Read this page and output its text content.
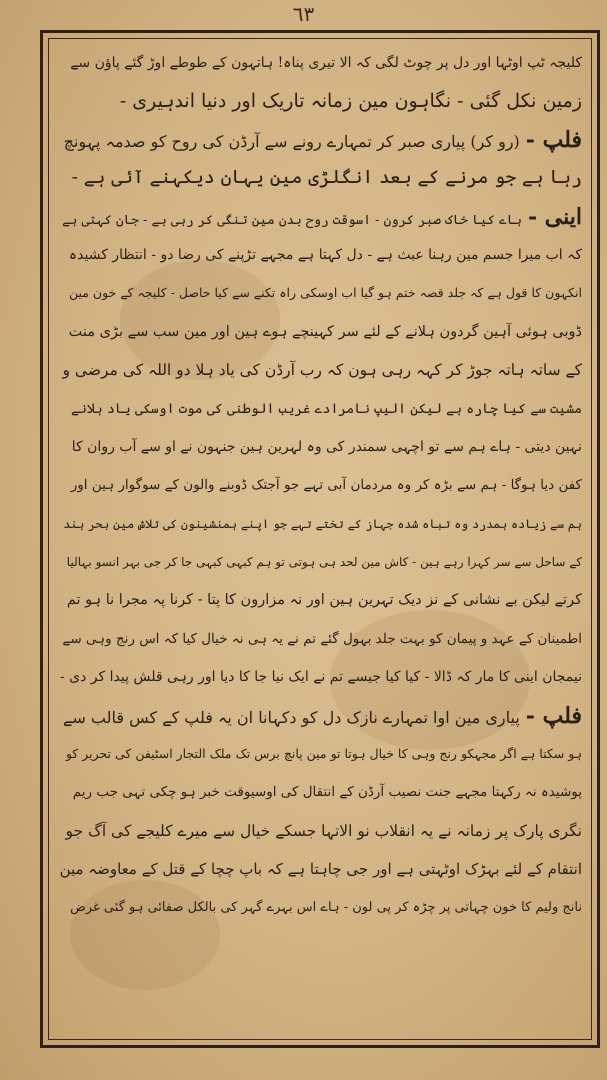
٦٣
کلیجہ ٹپ اوٹہا اور دل پر چوٹ لگی کہ الا تیری پناہ! ہاتہون کے طوطے اوڑ گئے پاؤن سے
زمین نکل گئی - نگاہون مین زمانہ تاریک اور دنیا اندہیری -
فلپ -(رو کر) پیاری صبر کر تمہارے رونے سے آرڈن کی روح کو صدمہ پہونچ
رہا ہے جو مرنے کے بعد انگلڑی مین یہان دیکہنے آئی ہے -
اینی -ہاے کیا خاک صبر کرون - اسوقت روح بدن مین تنگی کر رہی ہے - جان کہتی ہے
کہ اب میرا جسم مین رہنا عبث ہے - دل کہتا ہے مجہے تڑپنے کی رضا دو - انتظار کشیدہ
انکہون کا قول ہے کہ جلد قصہ ختم ہو گیا اب اوسکی راہ تکنے سے کیا حاصل - کلیجہ کے خون مین
ڈوبی ہوئی آہین گردون ہلانے کے لئے سر کہینچے ہوے ہین اور مین سب سے بڑی منت
کے ساتہ ہاتہ جوڑ کر کہہ رہی ہون کہ رب آرڈن کی یاد ہلا دو اللہ کی مرضی و
مشیت سے کیا چارہ ہے لیکن الیپ نامرادے غریب الوطنی کی موت اوسکی یاد ہلانے
نہین دیتی - ہاے ہم سے تو اچہی سمندر کی وہ لہرین ہین جنہون نے او سے آب روان کا
کفن دیا ہوگا - ہم سے بڑہ کر وہ مردمان آبی تہے جو آجتک ڈوبنے والون کے سوگوار ہین اور
ہم سے زیادہ ہمدرد وہ تباہ شدہ جہاز کے تختے تہے جو اپنے ہمنشینون کی تلاش مین بحر ہند
کے ساحل سے سر کہرا رہے ہین - کاش مین لحد ہی ہوتی تو ہم کبہی کبہی جا کر جی بہر انسو بہالیا
کرتے لیکن بے نشانی کے نز دیک تہرین ہین اور نہ مزارون کا پتا - کرنا پہ مجرا نا ہو تم
اطمینان کے عہد و پیمان کو بہت جلد بہول گئے تم نے یہ ہی نہ خیال کیا کہ اس رنج وہی سے
نیمجان اینی کا مار کہ ڈالا - کیا کیا جیسے تم نے ایک نیا جا کا دیا اور رہی قلش پیدا کر دی -
فلپ -پیاری مین اوا تمہارے نازک دل کو دکہانا ان یہ فلپ کے کس قالب سے
ہو سکتا ہے اگر مجہکو رنج وہی کا خیال ہوتا تو مین پانچ برس تک ملک التجار اسٹیفن کی تحریر کو
پوشیدہ نہ رکہتا مجہے جنت نصیب آرڈن کے انتقال کی اوسیوقت خبر ہو چکی تہی جب ریم
نگری پارک پر زمانہ نے یہ انقلاب نو الاتہا جسکے خیال سے میرے کلیجے کی آگ جو
انتقام کے لئے بہڑک اوٹہتی ہے اور جی چاہتا ہے کہ باپ چچا کے قتل کے معاوضہ مین
نانج ولیم کا خون چہاتی پر چڑہ کر پی لون - ہاے اس بہرے گہر کی بالکل صفائی ہو گئی غرض
